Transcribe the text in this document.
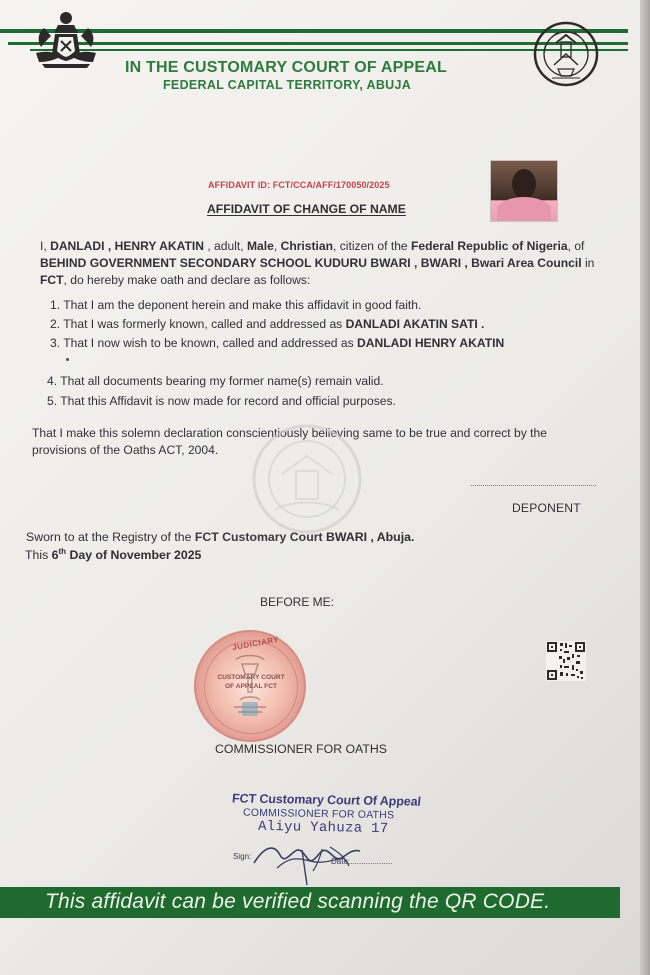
IN THE CUSTOMARY COURT OF APPEAL
FEDERAL CAPITAL TERRITORY, ABUJA
AFFIDAVIT ID: FCT/CCA/AFF/170050/2025
AFFIDAVIT OF CHANGE OF NAME
I, DANLADI , HENRY AKATIN , adult, Male, Christian, citizen of the Federal Republic of Nigeria, of BEHIND GOVERNMENT SECONDARY SCHOOL KUDURU BWARI , BWARI , Bwari Area Council in FCT, do hereby make oath and declare as follows:
1. That I am the deponent herein and make this affidavit in good faith.
2. That I was formerly known, called and addressed as DANLADI AKATIN SATI .
3. That I now wish to be known, called and addressed as DANLADI HENRY AKATIN
4. That all documents bearing my former name(s) remain valid.
5. That this Affidavit is now made for record and official purposes.
That I make this solemn declaration conscientiously believing same to be true and correct by the provisions of the Oaths ACT, 2004.
DEPONENT
Sworn to at the Registry of the FCT Customary Court BWARI , Abuja.
This 6th Day of November 2025
BEFORE ME:
JUDICIARY
CUSTOMARY COURT
OF APPEAL FCT
COMMISSIONER FOR OATHS
FCT Customary Court Of Appeal
COMMISSIONER FOR OATHS
Aliyu Yahuza 17
Sign:
Date:...................
This affidavit can be verified scanning the QR CODE.
